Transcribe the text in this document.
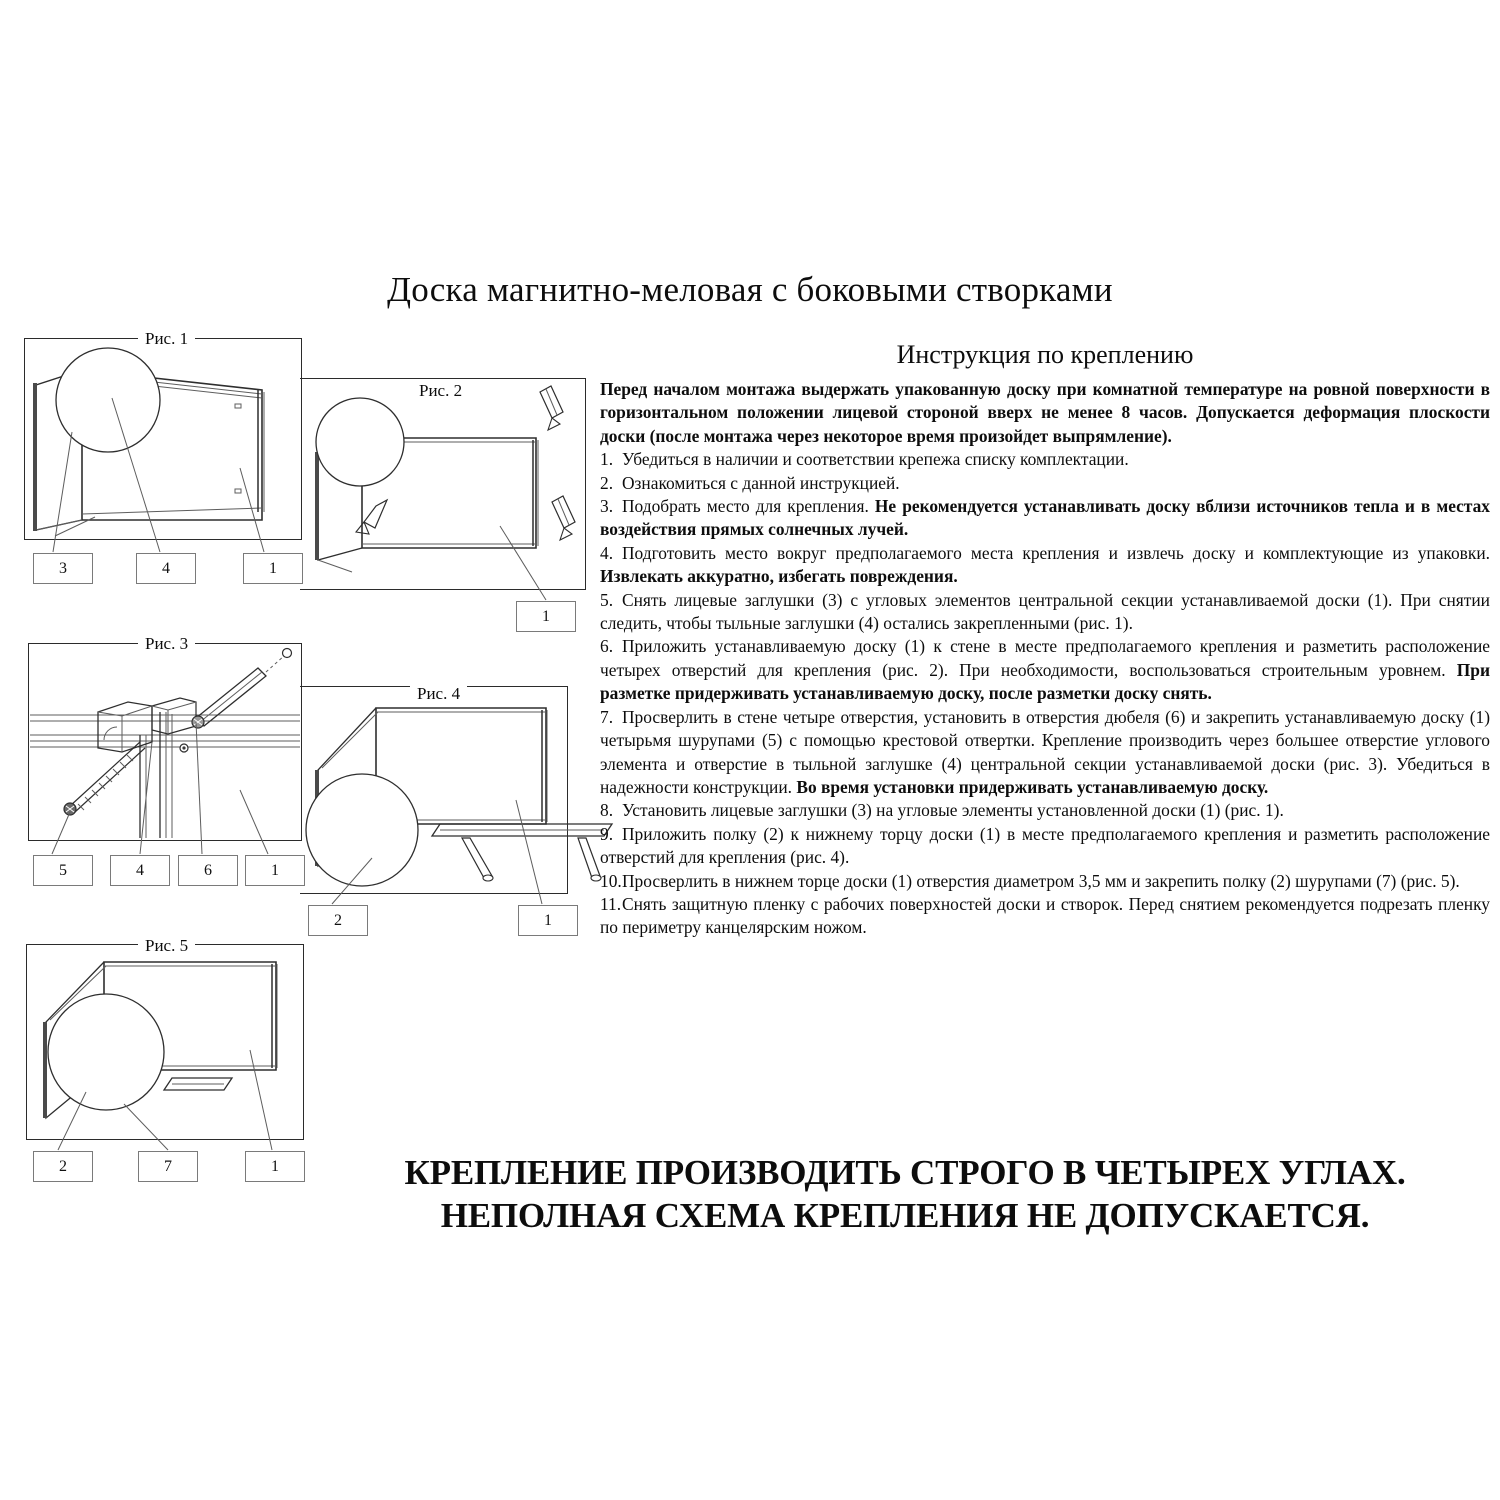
Доска магнитно-меловая с боковыми створками
Инструкция по креплению
Рис. 1
3	4	1
Рис. 2
1
Рис. 3
5	4	6	1
Рис. 4
2	1
Рис. 5
2	7	1

Перед началом монтажа выдержать упакованную доску при комнатной температуре на ровной поверхности в горизонтальном положении лицевой стороной вверх не менее 8 часов. Допускается деформация плоскости доски (после монтажа через некоторое время произойдет выпрямление).

1.Убедиться в наличии и соответствии крепежа списку комплектации.

2.Ознакомиться с данной инструкцией.

3.Подобрать место для крепления. Не рекомендуется устанавливать доску вблизи источников тепла и в местах воздействия прямых солнечных лучей.

4.Подготовить место вокруг предполагаемого места крепления и извлечь доску и комплектующие из упаковки. Извлекать аккуратно, избегать повреждения.

5.Снять лицевые заглушки (3) с угловых элементов центральной секции устанавливаемой доски (1). При снятии следить, чтобы тыльные заглушки (4) остались закрепленными (рис. 1).

6.Приложить устанавливаемую доску (1) к стене в месте предполагаемого крепления и разметить расположение четырех отверстий для крепления (рис. 2). При необходимости, воспользоваться строительным уровнем. При разметке придерживать устанавливаемую доску, после разметки доску снять.

7.Просверлить в стене четыре отверстия, установить в отверстия дюбеля (6) и закрепить устанавливаемую доску (1) четырьмя шурупами (5) с помощью крестовой отвертки. Крепление производить через большее отверстие углового элемента и отверстие в тыльной заглушке (4) центральной секции устанавливаемой доски (рис. 3). Убедиться в надежности конструкции. Во время установки придерживать устанавливаемую доску.

8.Установить лицевые заглушки (3) на угловые элементы установленной доски (1) (рис. 1).

9.Приложить полку (2) к нижнему торцу доски (1) в месте предполагаемого крепления и разметить расположение отверстий для крепления (рис. 4).

10.Просверлить в нижнем торце доски (1) отверстия диаметром 3,5 мм и закрепить полку (2) шурупами (7) (рис. 5).

11.Снять защитную пленку с рабочих поверхностей доски и створок. Перед снятием рекомендуется подрезать пленку по периметру канцелярским ножом.

КРЕПЛЕНИЕ ПРОИЗВОДИТЬ СТРОГО В ЧЕТЫРЕХ УГЛАХ.
НЕПОЛНАЯ СХЕМА КРЕПЛЕНИЯ НЕ ДОПУСКАЕТСЯ.
